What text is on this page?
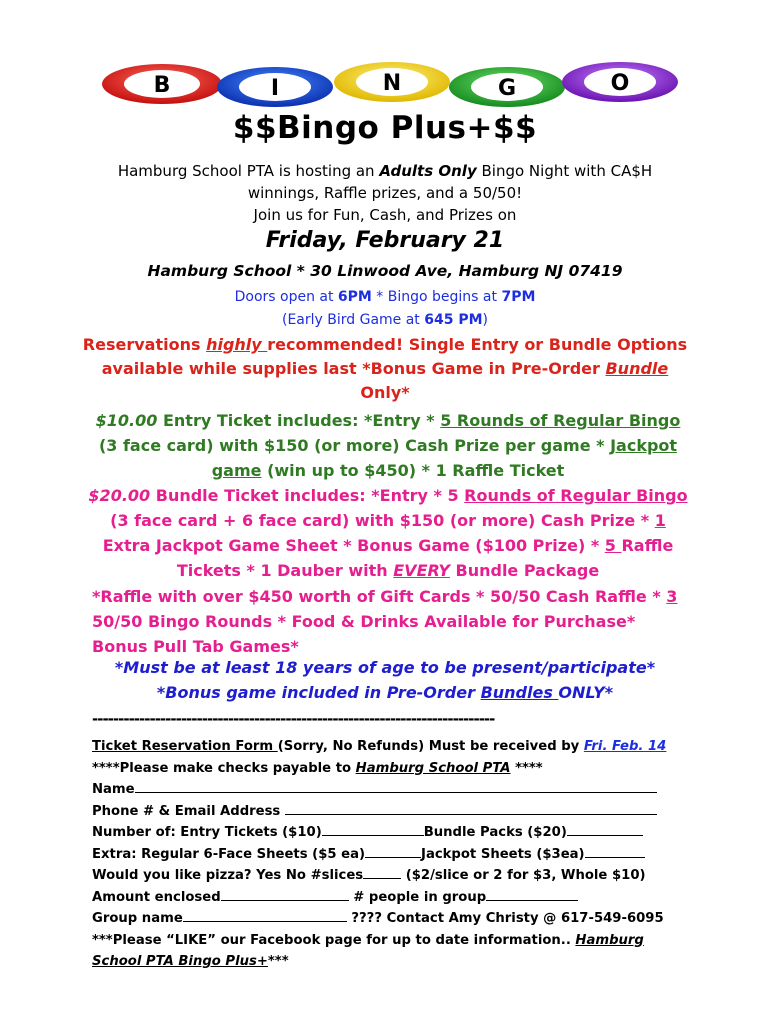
B	I	N	G	O
$$Bingo Plus+$$
Hamburg School PTA is hosting an Adults Only Bingo Night with CA$H
winnings, Raffle prizes, and a 50/50!
Join us for Fun, Cash, and Prizes on
Friday, February 21
Hamburg School * 30 Linwood Ave, Hamburg NJ 07419
Doors open at 6PM * Bingo begins at 7PM
(Early Bird Game at 645 PM)
Reservations highly recommended! Single Entry or Bundle Options available while supplies last *Bonus Game in Pre-Order Bundle Only*
$10.00 Entry Ticket includes: *Entry * 5 Rounds of Regular Bingo (3 face card) with $150 (or more) Cash Prize per game * Jackpot game (win up to $450) * 1 Raffle Ticket
$20.00 Bundle Ticket includes: *Entry * 5 Rounds of Regular Bingo (3 face card + 6 face card) with $150 (or more) Cash Prize * 1 Extra Jackpot Game Sheet * Bonus Game ($100 Prize) * 5 Raffle Tickets * 1 Dauber with EVERY Bundle Package
*Raffle with over $450 worth of Gift Cards * 50/50 Cash Raffle * 3 50/50 Bingo Rounds * Food & Drinks Available for Purchase* Bonus Pull Tab Games*
*Must be at least 18 years of age to be present/participate*
*Bonus game included in Pre-Order Bundles ONLY*
-----------------------------------------------------------------------------
Ticket Reservation Form (Sorry, No Refunds) Must be received by Fri. Feb. 14
****Please make checks payable to Hamburg School PTA ****
Name
Phone # & Email Address
Number of: Entry Tickets ($10)	Bundle Packs ($20)
Extra: Regular 6-Face Sheets ($5 ea)	Jackpot Sheets ($3ea)
Would you like pizza? Yes No #slices	($2/slice or 2 for $3, Whole $10)
Amount enclosed	# people in group
Group name	???? Contact Amy Christy @ 617-549-6095
***Please “LIKE” our Facebook page for up to date information.. Hamburg School PTA Bingo Plus+***
